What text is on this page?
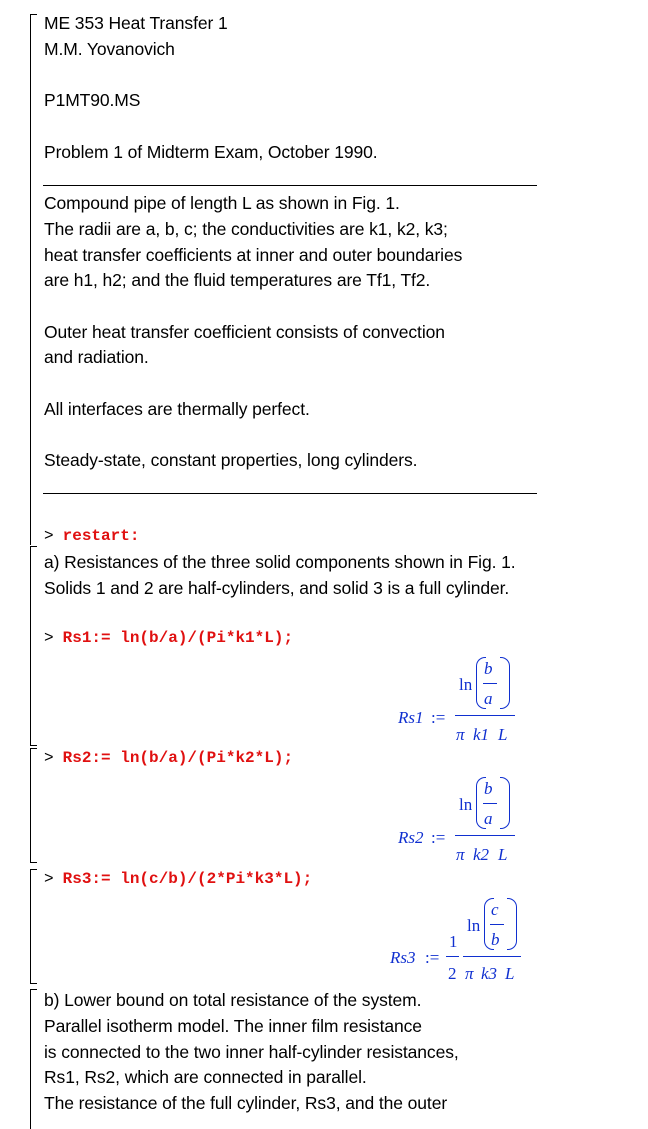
ME 353 Heat Transfer 1
M.M. Yovanovich
P1MT90.MS
Problem 1 of Midterm Exam, October 1990.
Compound pipe of length L as shown in Fig. 1.
The radii are a, b, c; the conductivities are k1, k2, k3;
heat transfer coefficients at inner and outer boundaries
are h1, h2; and the fluid temperatures are Tf1, Tf2.
Outer heat transfer coefficient consists of convection
and radiation.
All interfaces are thermally perfect.
Steady-state, constant properties, long cylinders.
> restart:
a) Resistances of the three solid components shown in Fig. 1.
Solids 1 and 2 are half-cylinders, and solid 3 is a full cylinder.
> Rs1:= ln(b/a)/(Pi*k1*L);
Rs1 :=
ln
b
a
π k1 L
> Rs2:= ln(b/a)/(Pi*k2*L);
Rs2 :=
ln
b
a
π k2 L
> Rs3:= ln(c/b)/(2*Pi*k3*L);
Rs3 :=
1
2
ln
c
b
π k3 L
b) Lower bound on total resistance of the system.
Parallel isotherm model. The inner film resistance
is connected to the two inner half-cylinder resistances,
Rs1, Rs2, which are connected in parallel.
The resistance of the full cylinder, Rs3, and the outer
